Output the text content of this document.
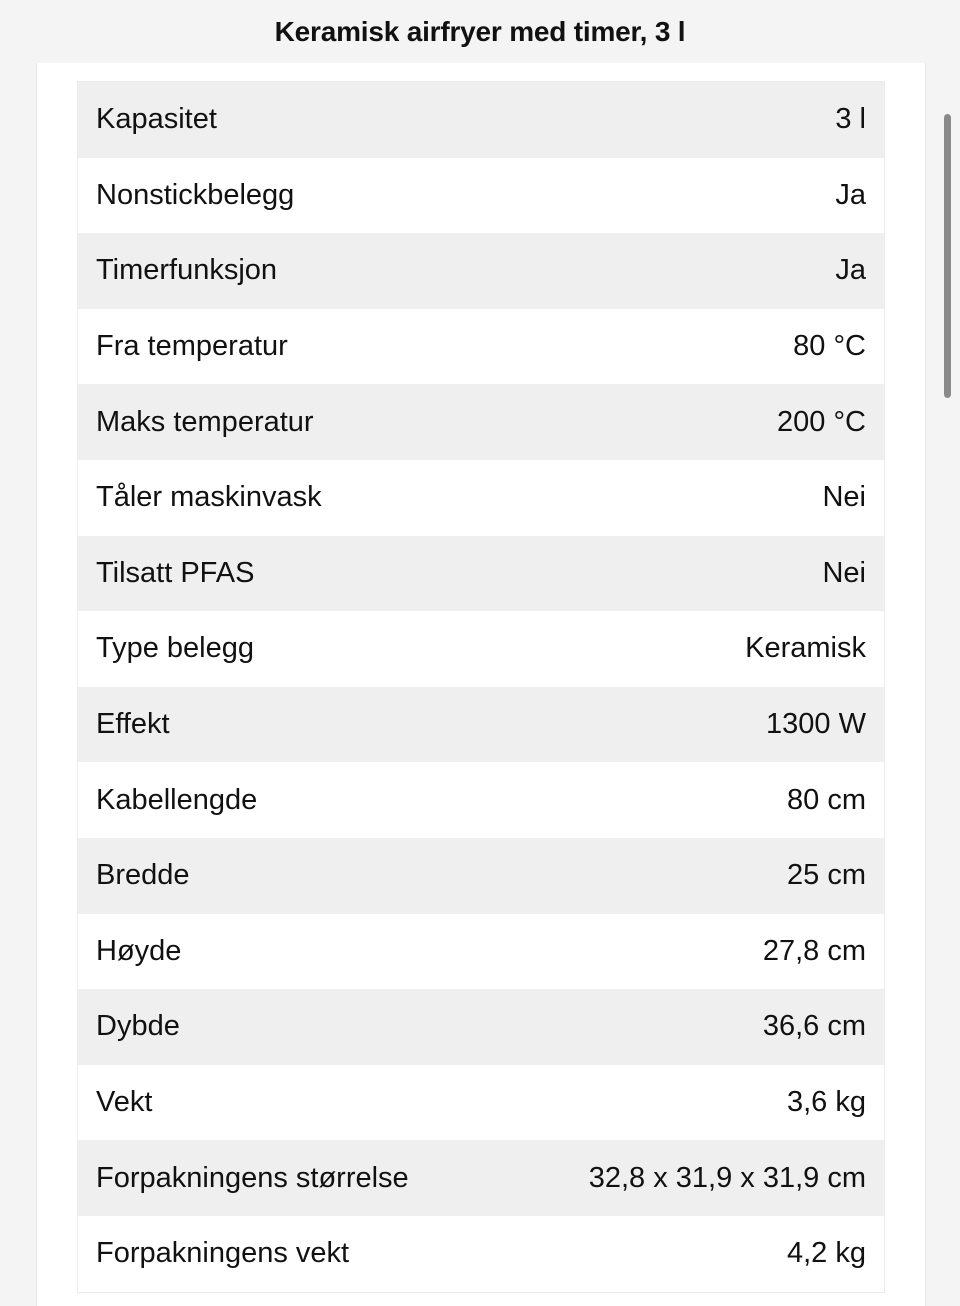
Keramisk airfryer med timer, 3 l
Kapasitet	3 l
Nonstickbelegg	Ja
Timerfunksjon	Ja
Fra temperatur	80 °C
Maks temperatur	200 °C
Tåler maskinvask	Nei
Tilsatt PFAS	Nei
Type belegg	Keramisk
Effekt	1300 W
Kabellengde	80 cm
Bredde	25 cm
Høyde	27,8 cm
Dybde	36,6 cm
Vekt	3,6 kg
Forpakningens størrelse	32,8 x 31,9 x 31,9 cm
Forpakningens vekt	4,2 kg
